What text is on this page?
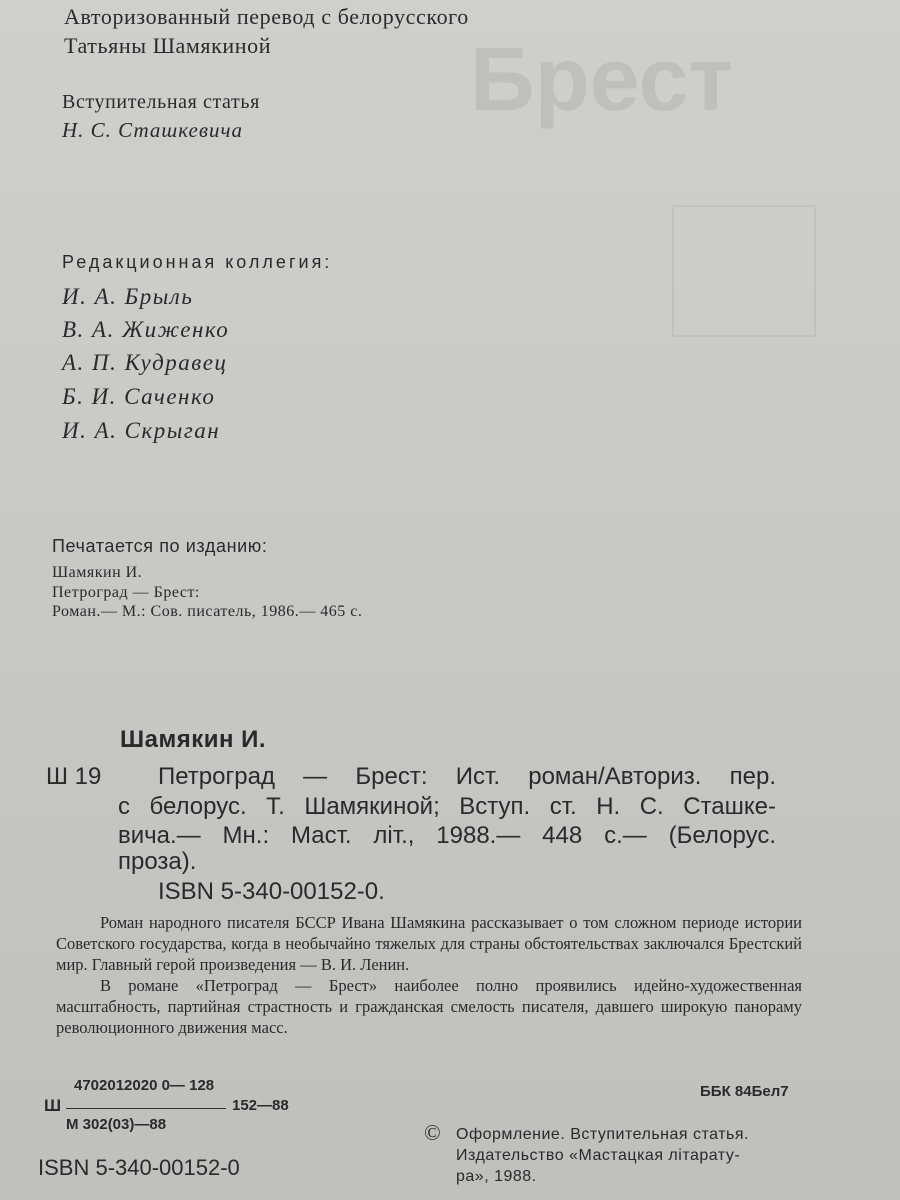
Брест
Авторизованный перевод с белорусского
Татьяны Шамякиной
Вступительная статья
Н. С. Сташкевича
Редакционная коллегия:
И. А. Брыль
В. А. Жиженко
А. П. Кудравец
Б. И. Саченко
И. А. Скрыган
Печатается по изданию:
Шамякин И.
Петроград — Брест:
Роман.— М.: Сов. писатель, 1986.— 465 с.
Шамякин И.
Ш 19 Петроград — Брест: Ист. роман/Авториз. пер.
с белорус. Т. Шамякиной; Вступ. ст. Н. С. Сташке-
вича.— Мн.: Маст. літ., 1988.— 448 с.— (Белорус.
проза).
ISBN 5-340-00152-0.

Роман народного писателя БССР Ивана Шамякина рассказывает о том сложном периоде истории Советского государства, когда в необычайно тяжелых для страны обстоятельствах заключался Брестский мир. Главный герой произведения — В. И. Ленин.

В романе «Петроград — Брест» наиболее полно проявились идейно-художественная масштабность, партийная страстность и гражданская смелость писателя, давшего широкую панораму революционного движения масс.

4702012020 0— 128
Ш	152—88
М 302(03)—88
ББК 84Бел7
© Оформление. Вступительная статья.
Издательство «Мастацкая літарату-
ра», 1988.
ISBN 5-340-00152-0
